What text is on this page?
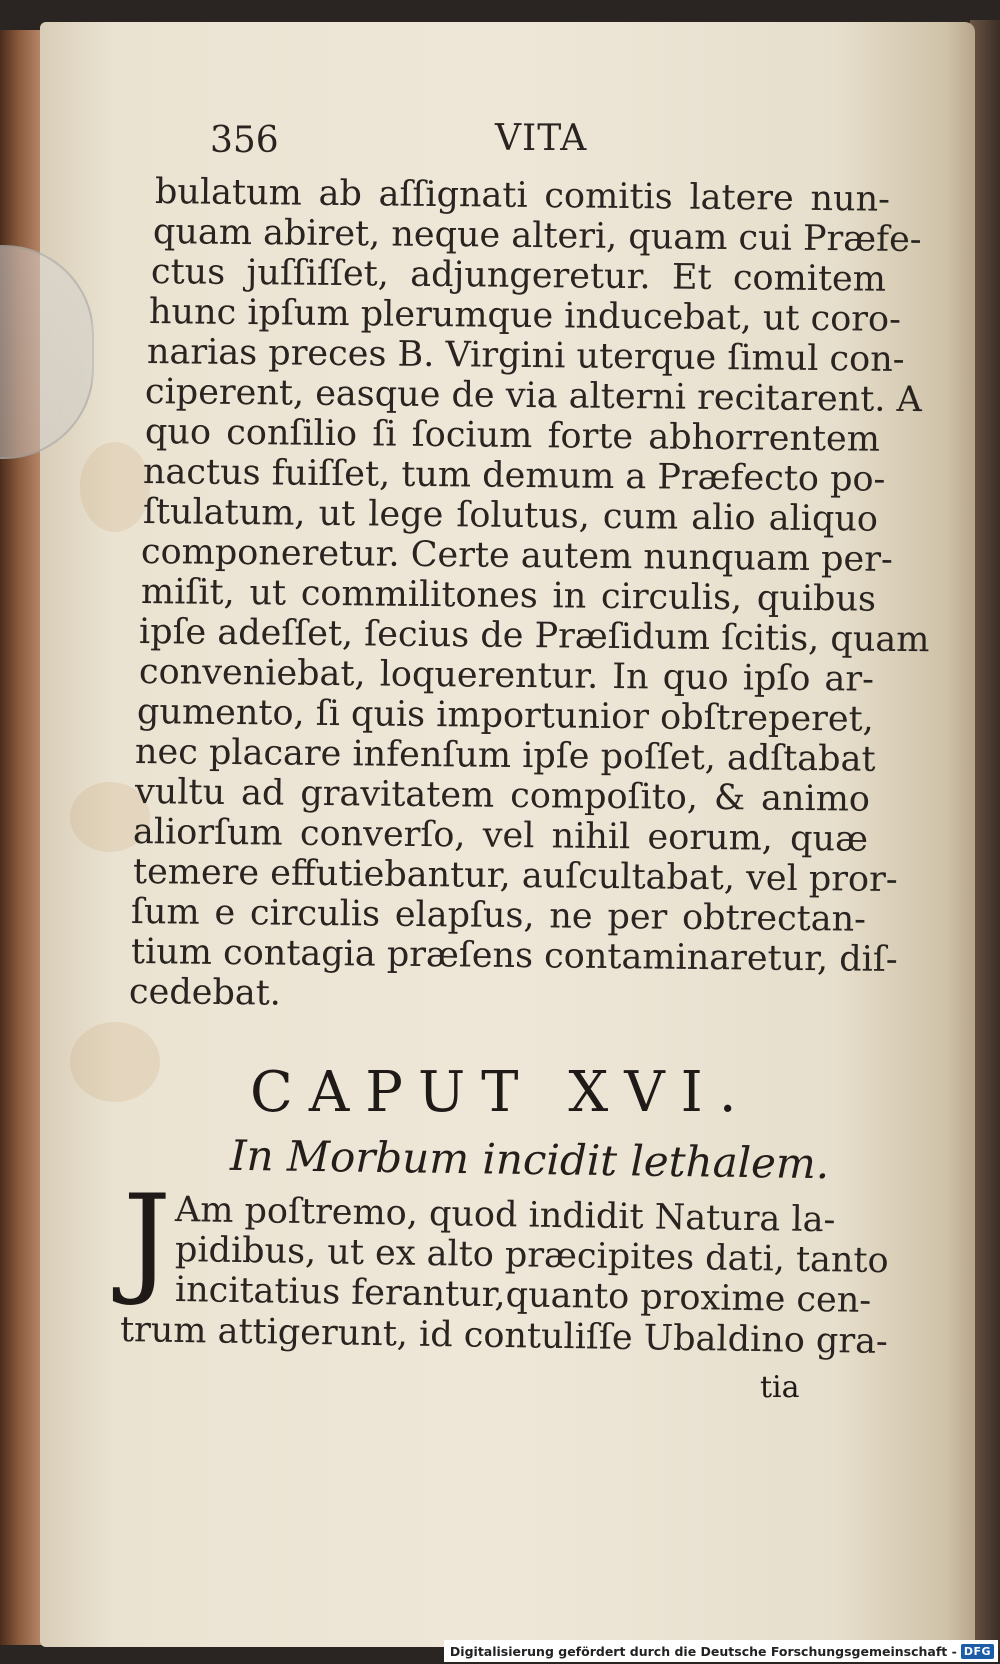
356	VITA
bulatum ab aſſignati comitis latere nun-
quam abiret, neque alteri, quam cui Præfe-
ctus juſſiſſet, adjungeretur. Et comitem
hunc ipſum plerumque inducebat, ut coro-
narias preces B. Virgini uterque ſimul con-
ciperent, easque de via alterni recitarent. A
quo conſilio ſi ſocium forte abhorrentem
nactus fuiſſet, tum demum a Præfecto po-
ſtulatum, ut lege ſolutus, cum alio aliquo
componeretur. Certe autem nunquam per-
miſit, ut commilitones in circulis, quibus
ipſe adeſſet, ſecius de Præſidum ſcitis, quam
conveniebat, loquerentur. In quo ipſo ar-
gumento, ſi quis importunior obſtreperet,
nec placare infenſum ipſe poſſet, adſtabat
vultu ad gravitatem compoſito, & animo
aliorſum converſo, vel nihil eorum, quæ
temere effutiebantur, auſcultabat, vel pror-
ſum e circulis elapſus, ne per obtrectan-
tium contagia præſens contaminaretur, diſ-
cedebat.
CAPUT XVI.
In Morbum incidit lethalem.
J Am poſtremo, quod indidit Natura la-
pidibus, ut ex alto præcipites dati, tanto
incitatius ferantur,quanto proxime cen-
trum attigerunt, id contuliſſe Ubaldino gra-
tia
Digitalisierung gefördert durch die Deutsche Forschungsgemeinschaft - DFG
